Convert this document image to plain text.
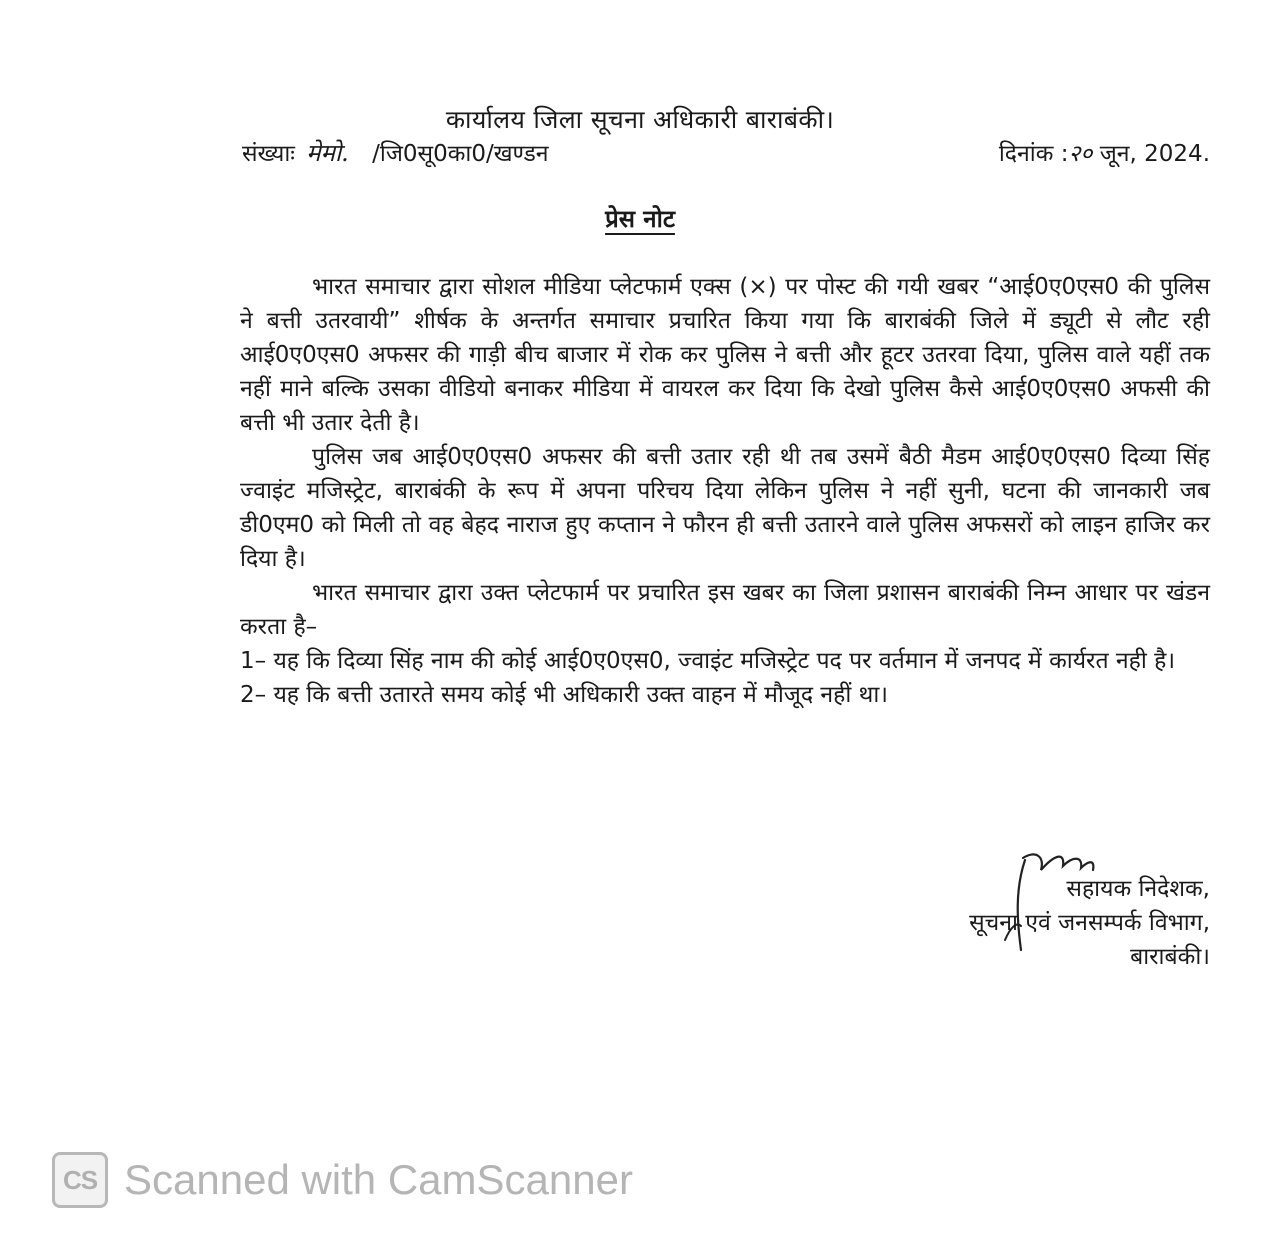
कार्यालय जिला सूचना अधिकारी बाराबंकी।
संख्याः मेमो. /जि0सू0का0/खण्डन	दिनांक :२० जून, 2024.
प्रेस नोट

भारत समाचार द्वारा सोशल मीडिया प्लेटफार्म एक्स (×) पर पोस्ट की गयी खबर “आई0ए0एस0 की पुलिस ने बत्ती उतरवायी” शीर्षक के अन्तर्गत समाचार प्रचारित किया गया कि बाराबंकी जिले में ड्यूटी से लौट रही आई0ए0एस0 अफसर की गाड़ी बीच बाजार में रोक कर पुलिस ने बत्ती और हूटर उतरवा दिया, पुलिस वाले यहीं तक नहीं माने बल्कि उसका वीडियो बनाकर मीडिया में वायरल कर दिया कि देखो पुलिस कैसे आई0ए0एस0 अफसी की बत्ती भी उतार देती है।

पुलिस जब आई0ए0एस0 अफसर की बत्ती उतार रही थी तब उसमें बैठी मैडम आई0ए0एस0 दिव्या सिंह ज्वाइंट मजिस्ट्रेट, बाराबंकी के रूप में अपना परिचय दिया लेकिन पुलिस ने नहीं सुनी, घटना की जानकारी जब डी0एम0 को मिली तो वह बेहद नाराज हुए कप्तान ने फौरन ही बत्ती उतारने वाले पुलिस अफसरों को लाइन हाजिर कर दिया है।

भारत समाचार द्वारा उक्त प्लेटफार्म पर प्रचारित इस खबर का जिला प्रशासन बाराबंकी निम्न आधार पर खंडन करता है–

1– यह कि दिव्या सिंह नाम की कोई आई0ए0एस0, ज्वाइंट मजिस्ट्रेट पद पर वर्तमान में जनपद में कार्यरत नही है।

2– यह कि बत्ती उतारते समय कोई भी अधिकारी उक्त वाहन में मौजूद नहीं था।

सहायक निदेशक,
सूचना एवं जनसम्पर्क विभाग,
बाराबंकी।
CS Scanned with CamScanner
